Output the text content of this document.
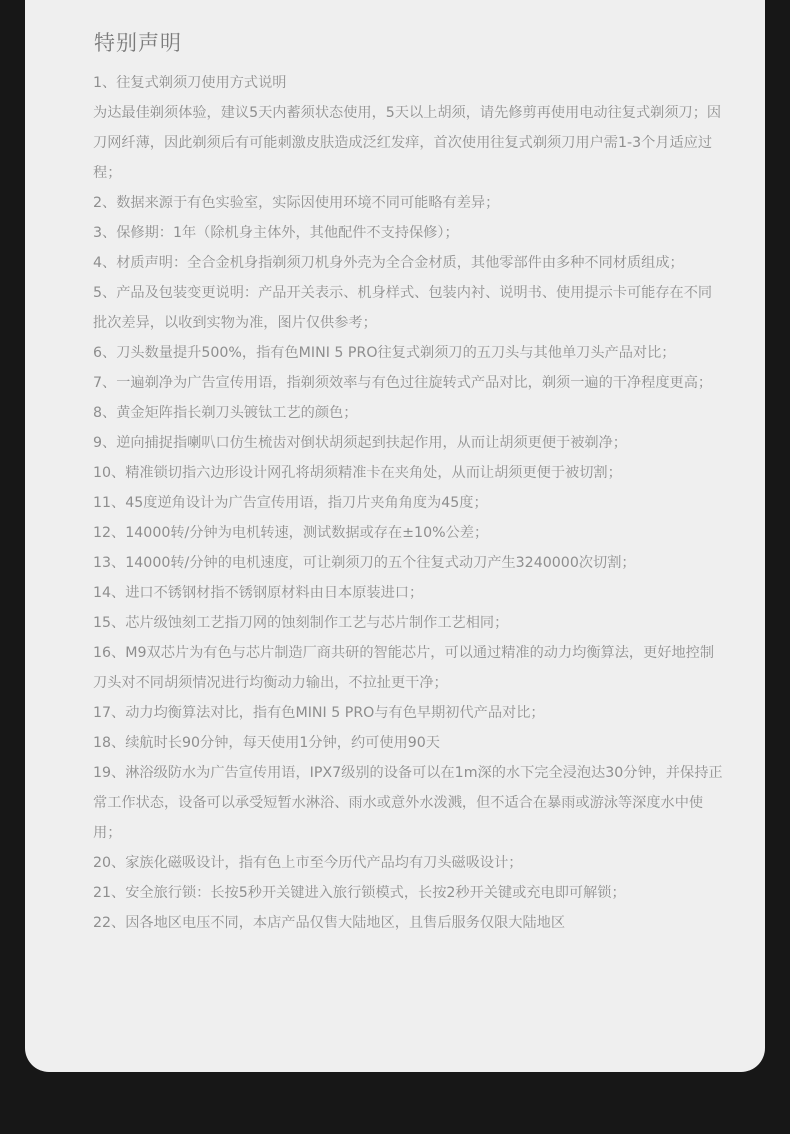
特别声明

1、往复式剃须刀使用方式说明

为达最佳剃须体验，建议5天内蓄须状态使用，5天以上胡须，请先修剪再使用电动往复式剃须刀；因刀网纤薄，因此剃须后有可能刺激皮肤造成泛红发痒，首次使用往复式剃须刀用户需1-3个月适应过程；

2、数据来源于有色实验室，实际因使用环境不同可能略有差异；

3、保修期：1年（除机身主体外，其他配件不支持保修）；

4、材质声明：全合金机身指剃须刀机身外壳为全合金材质，其他零部件由多种不同材质组成；

5、产品及包装变更说明：产品开关表示、机身样式、包装内衬、说明书、使用提示卡可能存在不同批次差异，以收到实物为准，图片仅供参考；

6、刀头数量提升500%，指有色MINI 5 PRO往复式剃须刀的五刀头与其他单刀头产品对比；

7、一遍剃净为广告宣传用语，指剃须效率与有色过往旋转式产品对比，剃须一遍的干净程度更高；

8、黄金矩阵指长剃刀头镀钛工艺的颜色；

9、逆向捕捉指喇叭口仿生梳齿对倒状胡须起到扶起作用，从而让胡须更便于被剃净；

10、精准锁切指六边形设计网孔将胡须精准卡在夹角处，从而让胡须更便于被切割；

11、45度逆角设计为广告宣传用语，指刀片夹角角度为45度；

12、14000转/分钟为电机转速，测试数据或存在±10%公差；

13、14000转/分钟的电机速度，可让剃须刀的五个往复式动刀产生3240000次切割；

14、进口不锈钢材指不锈钢原材料由日本原装进口；

15、芯片级蚀刻工艺指刀网的蚀刻制作工艺与芯片制作工艺相同；

16、M9双芯片为有色与芯片制造厂商共研的智能芯片，可以通过精准的动力均衡算法，更好地控制刀头对不同胡须情况进行均衡动力输出，不拉扯更干净；

17、动力均衡算法对比，指有色MINI 5 PRO与有色早期初代产品对比；

18、续航时长90分钟，每天使用1分钟，约可使用90天

19、淋浴级防水为广告宣传用语，IPX7级别的设备可以在1m深的水下完全浸泡达30分钟，并保持正常工作状态，设备可以承受短暂水淋浴、雨水或意外水泼溅，但不适合在暴雨或游泳等深度水中使用；

20、家族化磁吸设计，指有色上市至今历代产品均有刀头磁吸设计；

21、安全旅行锁：长按5秒开关键进入旅行锁模式，长按2秒开关键或充电即可解锁；

22、因各地区电压不同，本店产品仅售大陆地区，且售后服务仅限大陆地区
